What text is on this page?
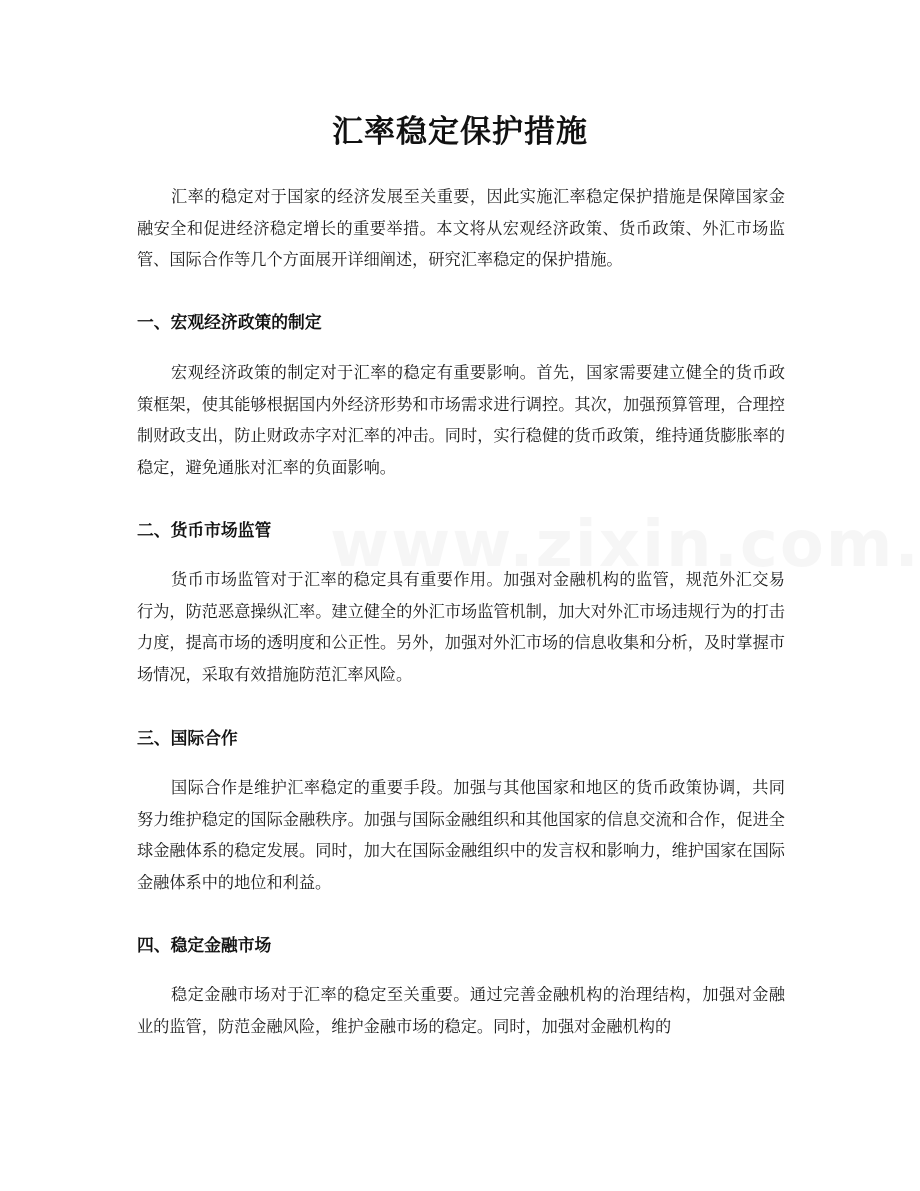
汇率稳定保护措施

汇率的稳定对于国家的经济发展至关重要，因此实施汇率稳定保护措施是保障国家金融安全和促进经济稳定增长的重要举措。本文将从宏观经济政策、货币政策、外汇市场监管、国际合作等几个方面展开详细阐述，研究汇率稳定的保护措施。

一、宏观经济政策的制定

宏观经济政策的制定对于汇率的稳定有重要影响。首先，国家需要建立健全的货币政策框架，使其能够根据国内外经济形势和市场需求进行调控。其次，加强预算管理，合理控制财政支出，防止财政赤字对汇率的冲击。同时，实行稳健的货币政策，维持通货膨胀率的稳定，避免通胀对汇率的负面影响。

二、货币市场监管

货币市场监管对于汇率的稳定具有重要作用。加强对金融机构的监管，规范外汇交易行为，防范恶意操纵汇率。建立健全的外汇市场监管机制，加大对外汇市场违规行为的打击力度，提高市场的透明度和公正性。另外，加强对外汇市场的信息收集和分析，及时掌握市场情况，采取有效措施防范汇率风险。

三、国际合作

国际合作是维护汇率稳定的重要手段。加强与其他国家和地区的货币政策协调，共同努力维护稳定的国际金融秩序。加强与国际金融组织和其他国家的信息交流和合作，促进全球金融体系的稳定发展。同时，加大在国际金融组织中的发言权和影响力，维护国家在国际金融体系中的地位和利益。

四、稳定金融市场

稳定金融市场对于汇率的稳定至关重要。通过完善金融机构的治理结构，加强对金融业的监管，防范金融风险，维护金融市场的稳定。同时，加强对金融机构的
